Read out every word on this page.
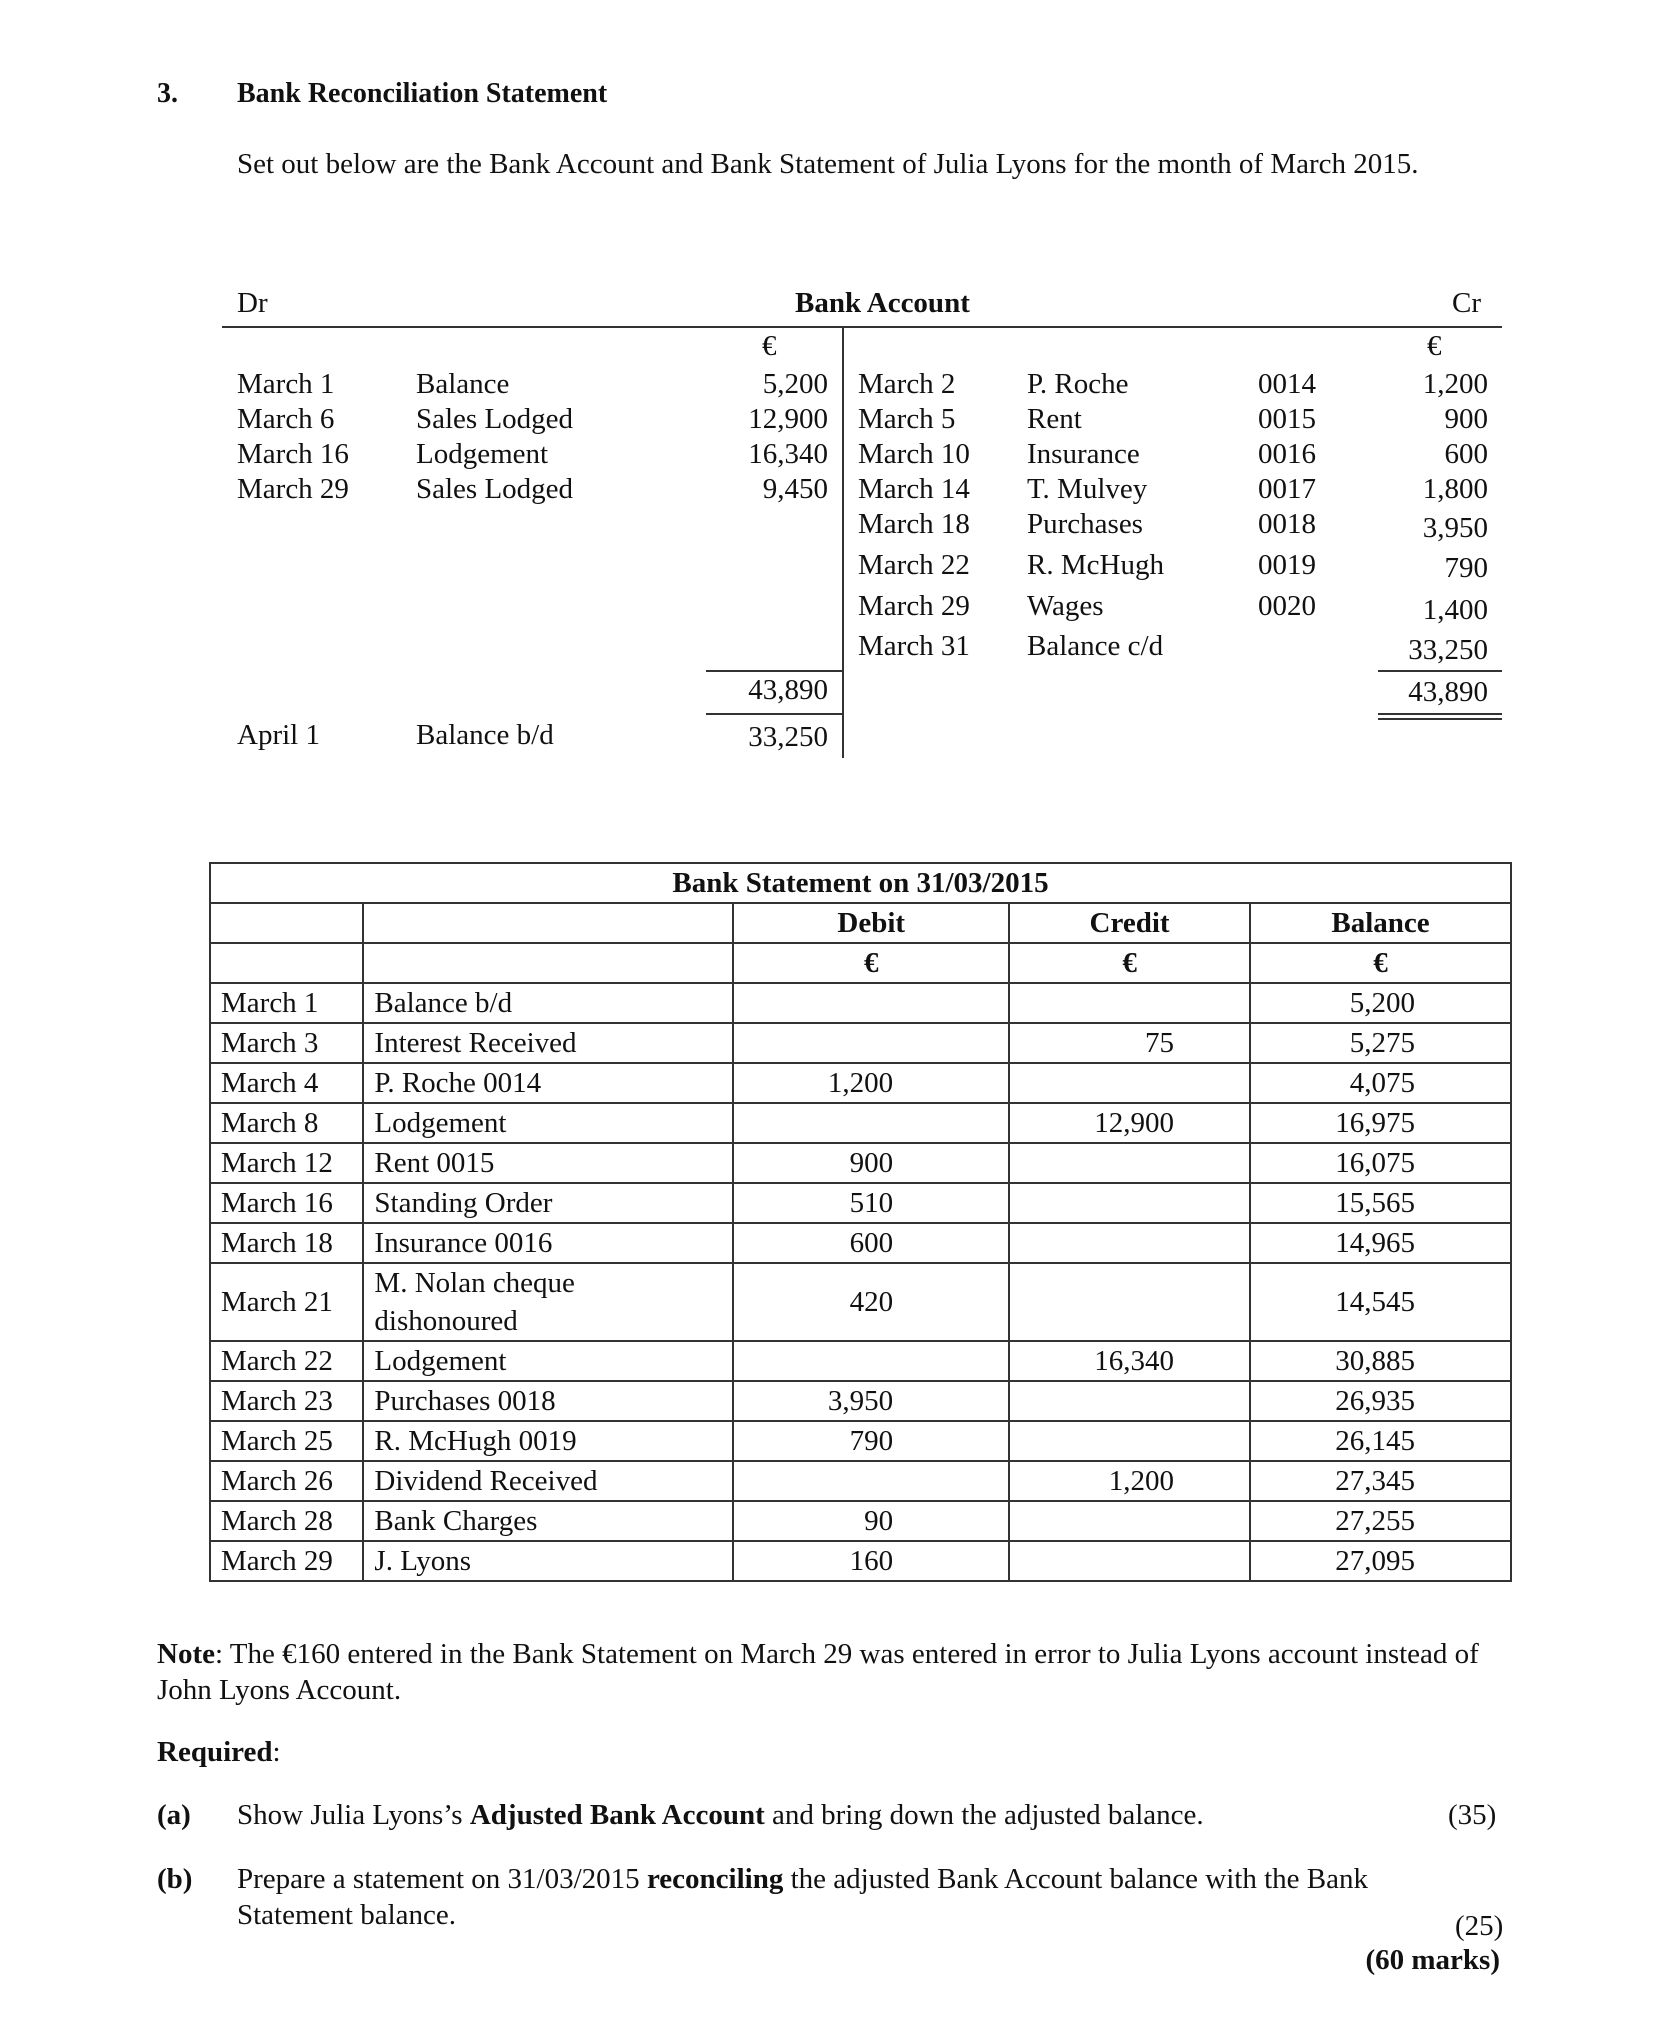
3. Bank Reconciliation Statement
Set out below are the Bank Account and Bank Statement of Julia Lyons for the month of March 2015.
Dr	Bank Account	Cr
€	€
March 1	Balance	5,200
March 6	Sales Lodged	12,900
March 16 Lodgement	16,340
March 29 Sales Lodged	9,450
March 2 P. Roche	0014	1,200
March 5 Rent	0015	900
March 10 Insurance	0016	600
March 14 T. Mulvey	0017	1,800
March 18 Purchases	0018	3,950
March 22 R. McHugh	0019	790
March 29 Wages	0020	1,400
March 31 Balance c/d	33,250
43,890	43,890
April 1	Balance b/d	33,250
Bank Statement on 31/03/2015				
		Debit	Credit	Balance
		€	€	€
March 1	Balance b/d			5,200
March 3	Interest Received		75	5,275
March 4	P. Roche 0014	1,200		4,075
March 8	Lodgement		12,900	16,975
March 12	Rent 0015	900		16,075
March 16	Standing Order	510		15,565
March 18	Insurance 0016	600		14,965
March 21	M. Nolan cheque dishonoured	420		14,545
March 22	Lodgement		16,340	30,885
March 23	Purchases 0018	3,950		26,935
March 25	R. McHugh 0019	790		26,145
March 26	Dividend Received		1,200	27,345
March 28	Bank Charges	90		27,255
March 29	J. Lyons	160		27,095
Note: The €160 entered in the Bank Statement on March 29 was entered in error to Julia Lyons account instead of John Lyons Account.
Required:
(a) Show Julia Lyons’s Adjusted Bank Account and bring down the adjusted balance.	(35)
(b) Prepare a statement on 31/03/2015 reconciling the adjusted Bank Account balance with the Bank Statement balance.	(25)
(60 marks)
